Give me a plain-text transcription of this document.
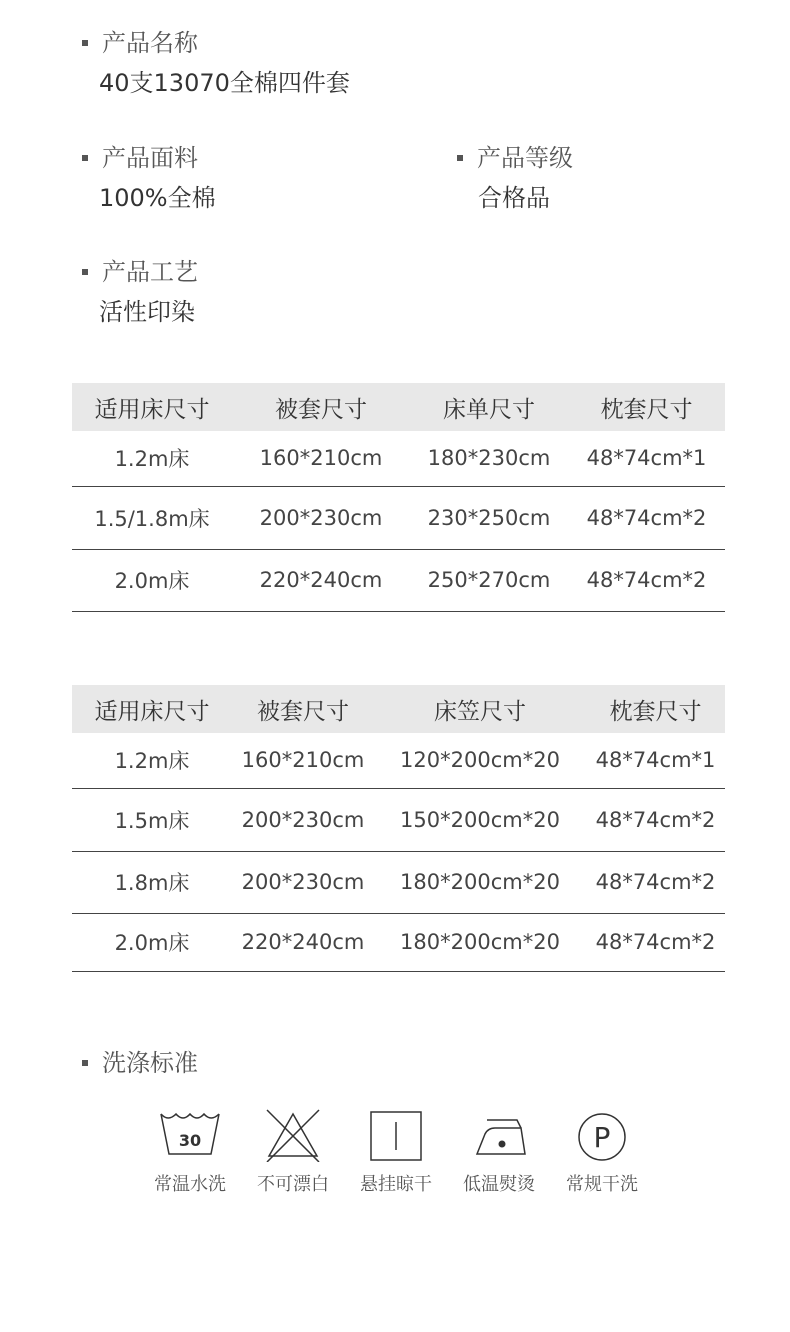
产品名称
40支13070全棉四件套
产品面料
100%全棉
产品等级
合格品
产品工艺
活性印染
适用床尺寸	被套尺寸	床单尺寸	枕套尺寸
1.2m床	160*210cm	180*230cm	48*74cm*1
1.5/1.8m床	200*230cm	230*250cm	48*74cm*2
2.0m床	220*240cm	250*270cm	48*74cm*2
适用床尺寸	被套尺寸	床笠尺寸	枕套尺寸
1.2m床	160*210cm	120*200cm*20	48*74cm*1
1.5m床	200*230cm	150*200cm*20	48*74cm*2
1.8m床	200*230cm	180*200cm*20	48*74cm*2
2.0m床	220*240cm	180*200cm*20	48*74cm*2
洗涤标准
30
常温水洗	不可漂白	悬挂晾干	低温熨烫
P
常规干洗
